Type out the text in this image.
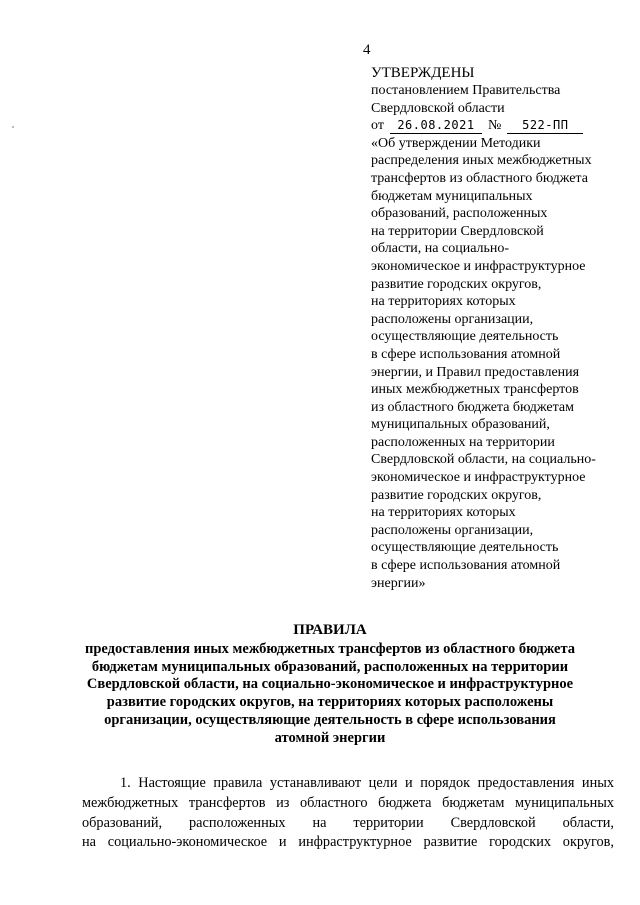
4
УТВЕРЖДЕНЫ
постановлением Правительства
Свердловской области
от 26.08.2021 № 522-ПП
«Об утверждении Методики
распределения иных межбюджетных
трансфертов из областного бюджета
бюджетам муниципальных
образований, расположенных
на территории Свердловской
области, на социально-
экономическое и инфраструктурное
развитие городских округов,
на территориях которых
расположены организации,
осуществляющие деятельность
в сфере использования атомной
энергии, и Правил предоставления
иных межбюджетных трансфертов
из областного бюджета бюджетам
муниципальных образований,
расположенных на территории
Свердловской области, на социально-
экономическое и инфраструктурное
развитие городских округов,
на территориях которых
расположены организации,
осуществляющие деятельность
в сфере использования атомной
энергии»
ПРАВИЛА
предоставления иных межбюджетных трансфертов из областного бюджета
бюджетам муниципальных образований, расположенных на территории
Свердловской области, на социально-экономическое и инфраструктурное
развитие городских округов, на территориях которых расположены
организации, осуществляющие деятельность в сфере использования
атомной энергии
1. Настоящие правила устанавливают цели и порядок предоставления иных
межбюджетных трансфертов из областного бюджета бюджетам муниципальных
образований, расположенных на территории Свердловской области,
на социально-экономическое и инфраструктурное развитие городских округов,
